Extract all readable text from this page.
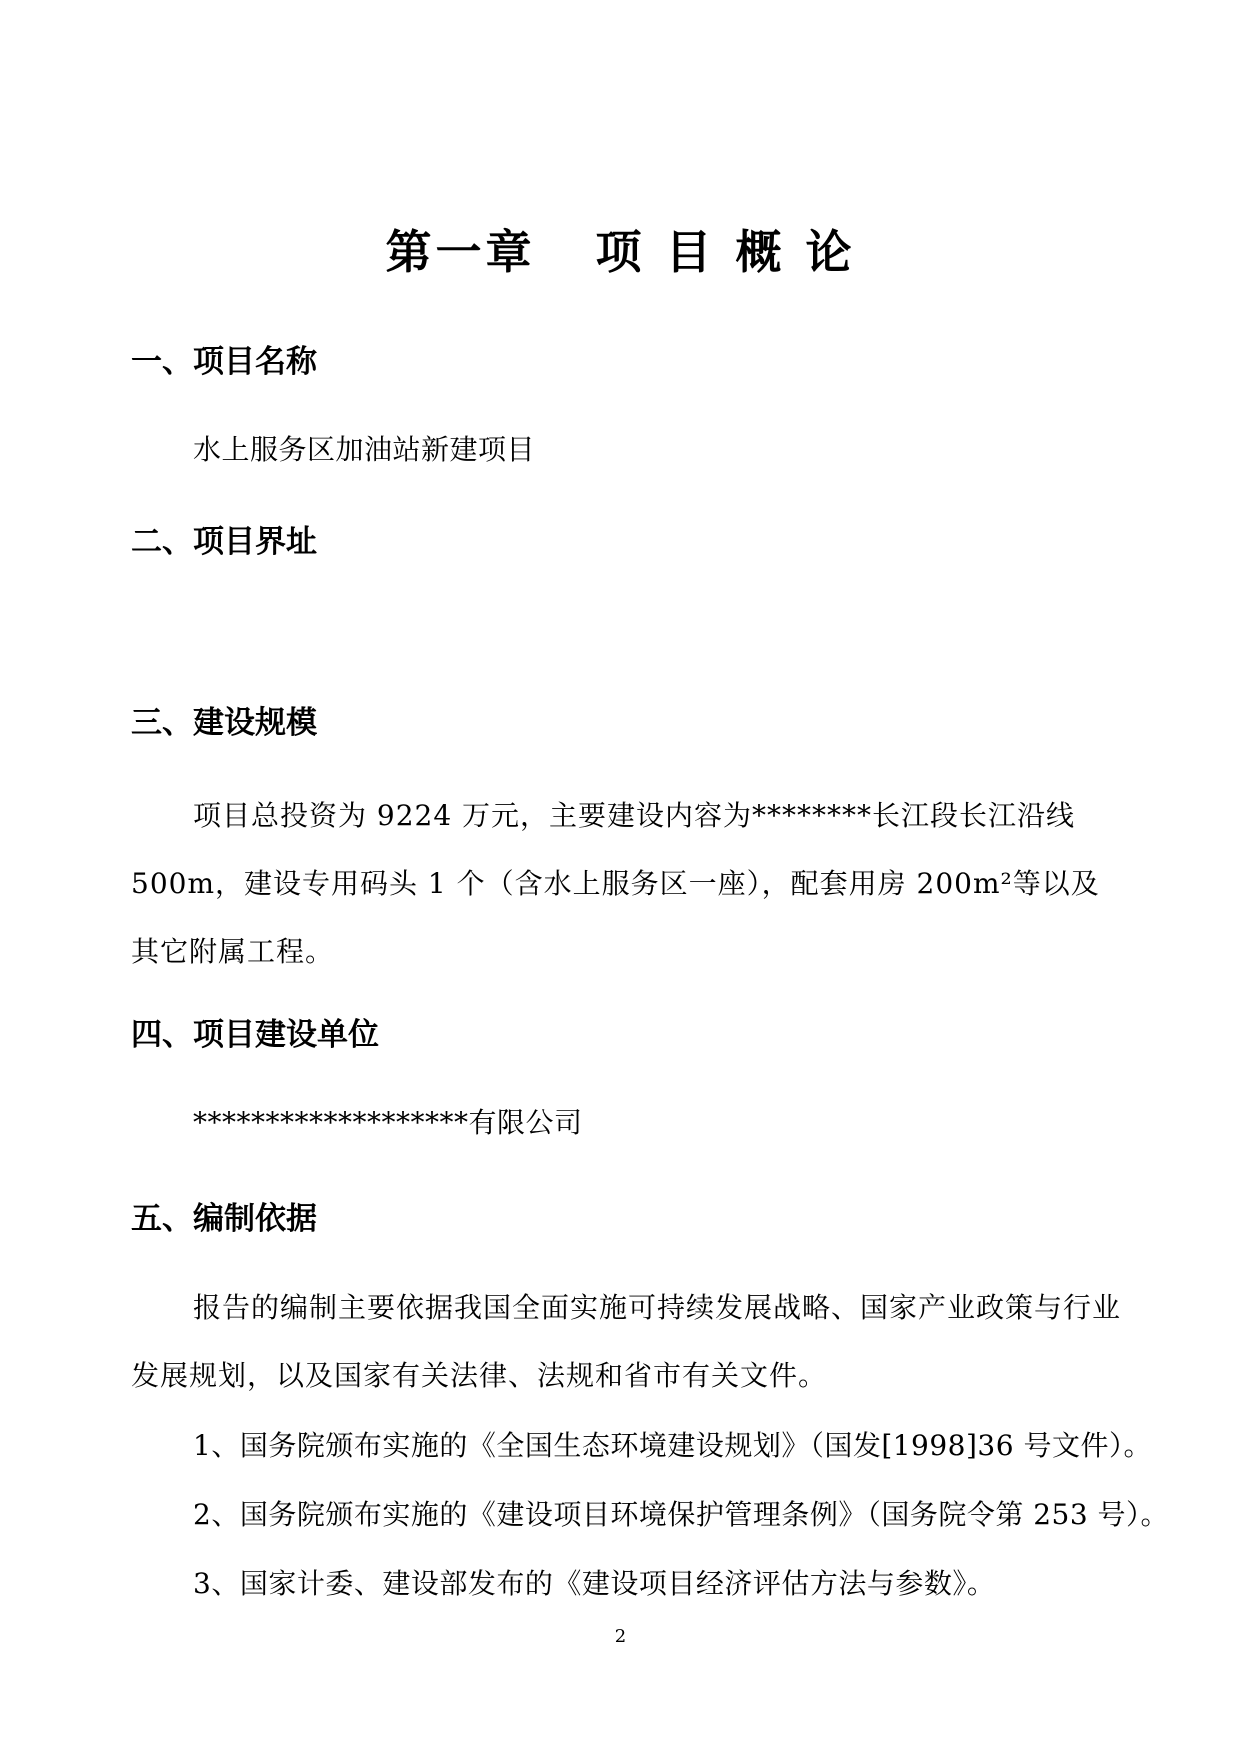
第一章   项 目 概 论
一、项目名称
水上服务区加油站新建项目
二、项目界址
三、建设规模
项目总投资为 9224 万元，主要建设内容为********长江段长江沿线 500m，建设专用码头 1 个（含水上服务区一座），配套用房 200m²等以及其它附属工程。
四、项目建设单位
*******************有限公司
五、编制依据
报告的编制主要依据我国全面实施可持续发展战略、国家产业政策与行业发展规划，以及国家有关法律、法规和省市有关文件。
1、国务院颁布实施的《全国生态环境建设规划》（国发[1998]36 号文件）。
2、国务院颁布实施的《建设项目环境保护管理条例》（国务院令第 253 号）。
3、国家计委、建设部发布的《建设项目经济评估方法与参数》。
2
